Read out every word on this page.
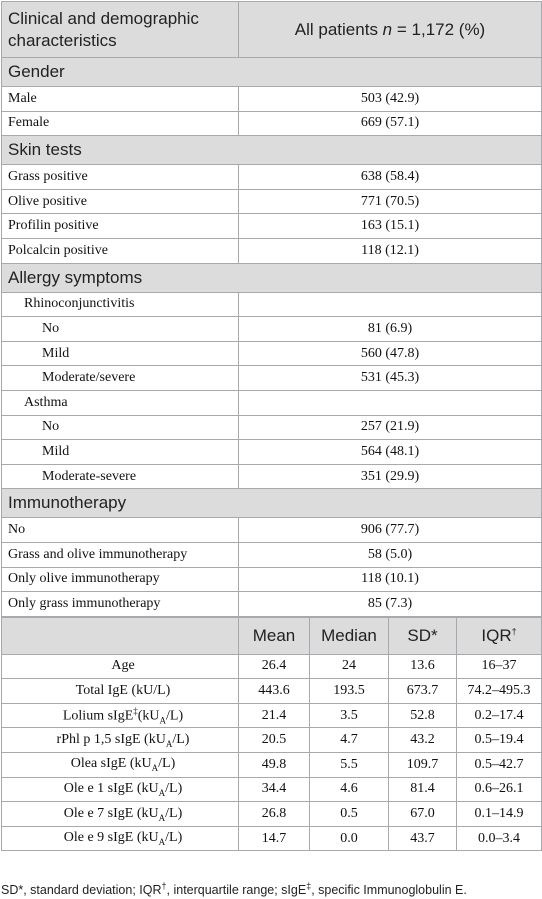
Clinical and demographic characteristics	All patients n = 1,172 (%)
Gender	
Male	503 (42.9)
Female	669 (57.1)
Skin tests	
Grass positive	638 (58.4)
Olive positive	771 (70.5)
Profilin positive	163 (15.1)
Polcalcin positive	118 (12.1)
Allergy symptoms	
Rhinoconjunctivitis	
No	81 (6.9)
Mild	560 (47.8)
Moderate/severe	531 (45.3)
Asthma	
No	257 (21.9)
Mild	564 (48.1)
Moderate-severe	351 (29.9)
Immunotherapy	
No	906 (77.7)
Grass and olive immunotherapy	58 (5.0)
Only olive immunotherapy	118 (10.1)
Only grass immunotherapy	85 (7.3)
	Mean	Median	SD*	IQR†
Age	26.4	24	13.6	16–37
Total IgE (kU/L)	443.6	193.5	673.7	74.2–495.3
Lolium $sIgE^\ddagger(kU_A/L)$	21.4	3.5	52.8	0.2–17.4
rPhl p 1,5 sIgE $(kU_A/L)$	20.5	4.7	43.2	0.5–19.4
Olea sIgE $(kU_A/L)$	49.8	5.5	109.7	0.5–42.7
Ole e 1 sIgE $(kU_A/L)$	34.4	4.6	81.4	0.6–26.1
Ole e 7 sIgE $(kU_A/L)$	26.8	0.5	67.0	0.1–14.9
Ole e 9 sIgE $(kU_A/L)$	14.7	0.0	43.7	0.0–3.4
SD*, standard deviation; IQR†, interquartile range; sIgE‡, specific Immunoglobulin E.
